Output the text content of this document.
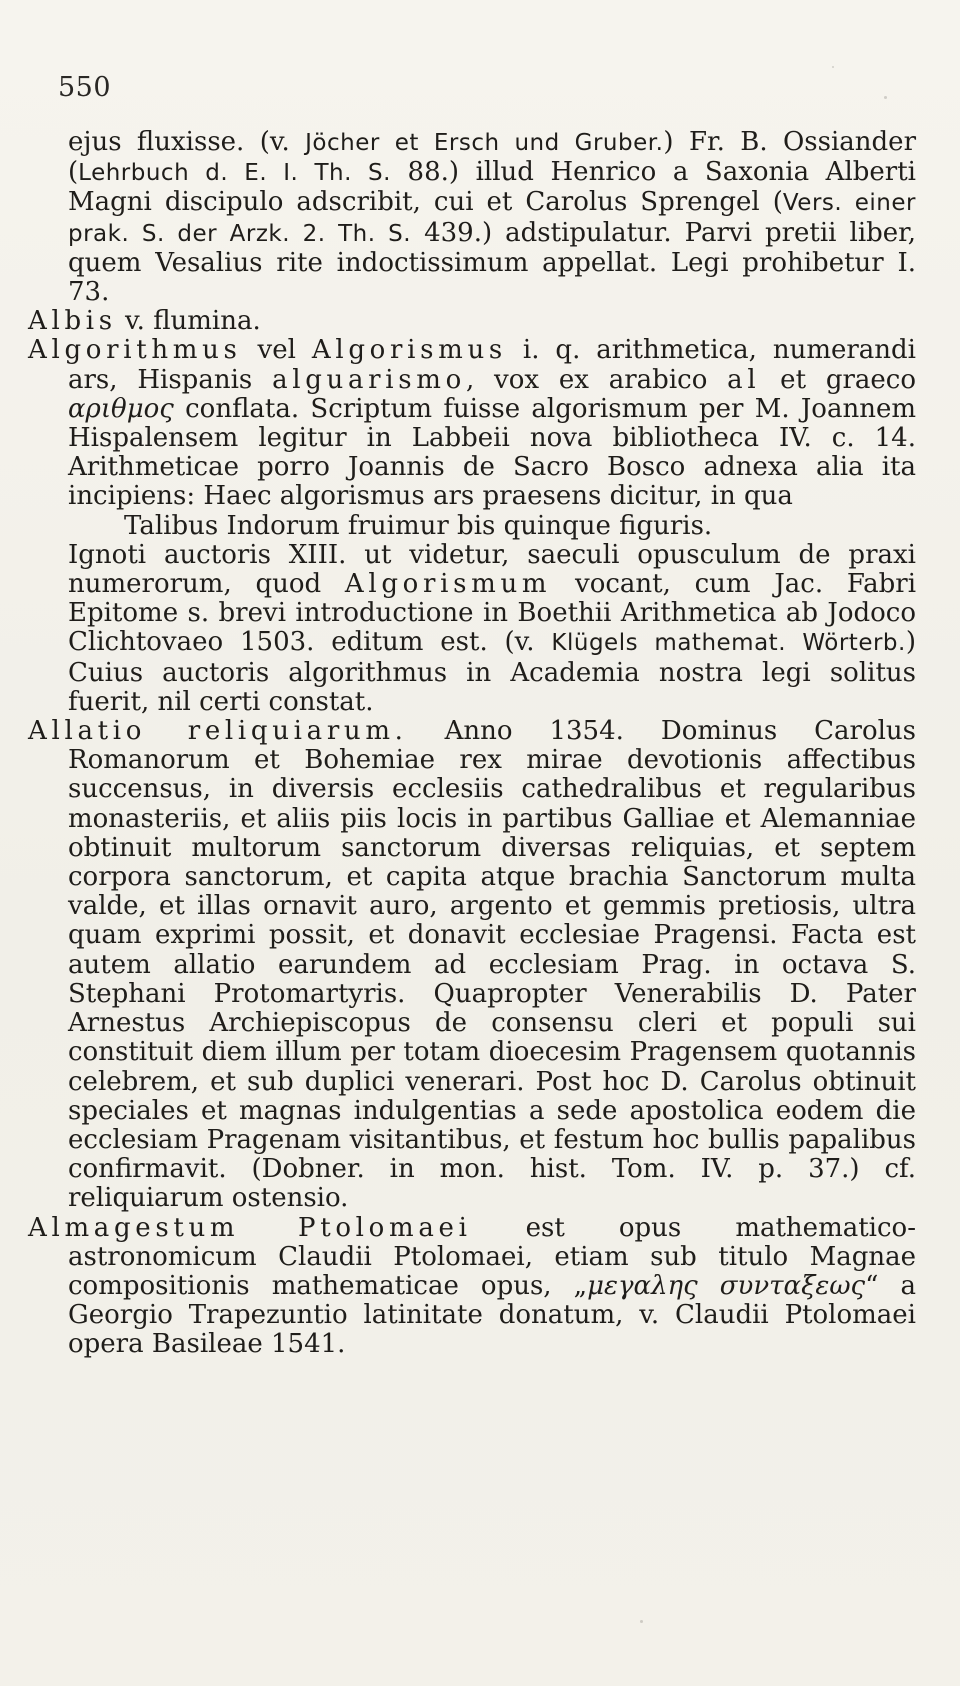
550

ejus fluxisse. (v. Jöcher et Ersch und Gruber.) Fr. B. Ossiander (Lehrbuch d. E. I. Th. S. 88.) illud Henrico a Saxonia Alberti Magni discipulo adscribit, cui et Carolus Sprengel (Vers. einer prak. S. der Arzk. 2. Th. S. 439.) adstipulatur. Parvi pretii liber, quem Vesalius rite indoctissimum appellat. Legi prohibetur I. 73.

Albis v. flumina.

Algorithmus vel Algorismus i. q. arithmetica, numerandi ars, Hispanis alguarismo, vox ex arabico al et graeco αριθμος conflata. Scriptum fuisse algorismum per M. Joannem Hispalensem legitur in Labbeii nova bibliotheca IV. c. 14. Arithmeticae porro Joannis de Sacro Bosco adnexa alia ita incipiens: Haec algorismus ars praesens dicitur, in qua

Talibus Indorum fruimur bis quinque figuris.

Ignoti auctoris XIII. ut videtur, saeculi opusculum de praxi numerorum, quod Algorismum vocant, cum Jac. Fabri Epitome s. brevi introductione in Boethii Arithmetica ab Jodoco Clichtovaeo 1503. editum est. (v. Klügels mathemat. Wörterb.) Cuius auctoris algorithmus in Academia nostra legi solitus fuerit, nil certi constat.

Allatio reliquiarum. Anno 1354. Dominus Carolus Romanorum et Bohemiae rex mirae devotionis affectibus succensus, in diversis ecclesiis cathedralibus et regularibus monasteriis, et aliis piis locis in partibus Galliae et Alemanniae obtinuit multorum sanctorum diversas reliquias, et septem corpora sanctorum, et capita atque brachia Sanctorum multa valde, et illas ornavit auro, argento et gemmis pretiosis, ultra quam exprimi possit, et donavit ecclesiae Pragensi. Facta est autem allatio earundem ad ecclesiam Prag. in octava S. Stephani Protomartyris. Quapropter Venerabilis D. Pater Arnestus Archiepiscopus de consensu cleri et populi sui constituit diem illum per totam dioecesim Pragensem quotannis celebrem, et sub duplici venerari. Post hoc D. Carolus obtinuit speciales et magnas indulgentias a sede apostolica eodem die ecclesiam Pragenam visitantibus, et festum hoc bullis papalibus confirmavit. (Dobner. in mon. hist. Tom. IV. p. 37.) cf. reliquiarum ostensio.

Almagestum Ptolomaei est opus mathematico-astronomicum Claudii Ptolomaei, etiam sub titulo Magnae compositionis mathematicae opus, „μεγαλης συνταξεως“ a Georgio Trapezuntio latinitate donatum, v. Claudii Ptolomaei opera Basileae 1541.
